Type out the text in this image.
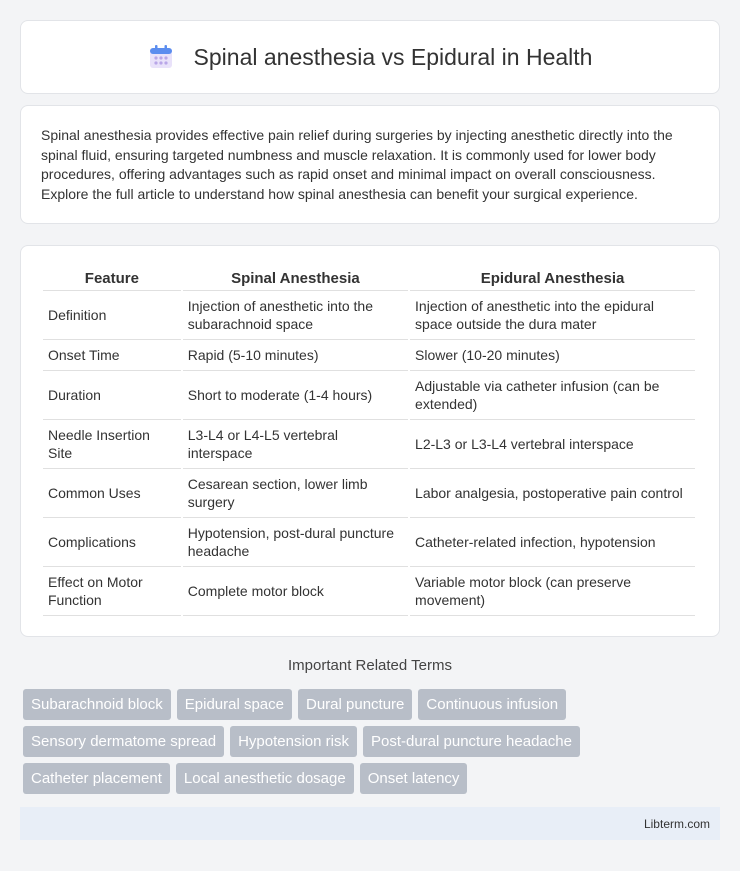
Spinal anesthesia vs Epidural in Health

Spinal anesthesia provides effective pain relief during surgeries by injecting anesthetic directly into the spinal fluid, ensuring targeted numbness and muscle relaxation. It is commonly used for lower body procedures, offering advantages such as rapid onset and minimal impact on overall consciousness. Explore the full article to understand how spinal anesthesia can benefit your surgical experience.

Feature	Spinal Anesthesia	Epidural Anesthesia
Definition	Injection of anesthetic into the subarachnoid space	Injection of anesthetic into the epidural space outside the dura mater
Onset Time	Rapid (5-10 minutes)	Slower (10-20 minutes)
Duration	Short to moderate (1-4 hours)	Adjustable via catheter infusion (can be extended)
Needle Insertion Site	L3-L4 or L4-L5 vertebral interspace	L2-L3 or L3-L4 vertebral interspace
Common Uses	Cesarean section, lower limb surgery	Labor analgesia, postoperative pain control
Complications	Hypotension, post-dural puncture headache	Catheter-related infection, hypotension
Effect on Motor Function	Complete motor block	Variable motor block (can preserve movement)
Important Related Terms
Subarachnoid block	Epidural space	Dural puncture	Continuous infusion
Sensory dermatome spread	Hypotension risk	Post-dural puncture headache
Catheter placement	Local anesthetic dosage	Onset latency
Libterm.com
